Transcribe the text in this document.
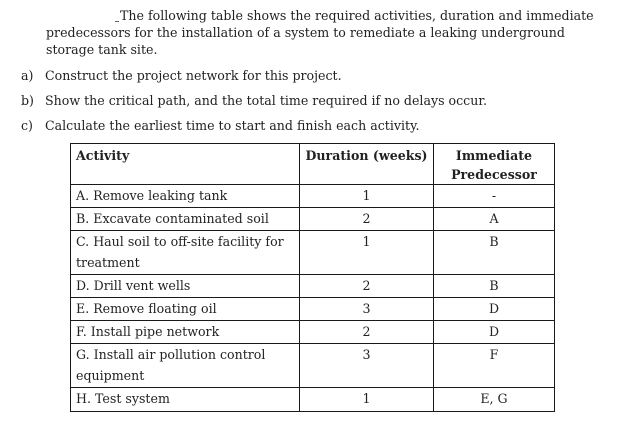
The following table shows the required activities, duration and immediate predecessors for the installation of a system to remediate a leaking underground storage tank site.
a) Construct the project network for this project.
b) Show the critical path, and the total time required if no delays occur.
c) Calculate the earliest time to start and finish each activity.
Activity	Duration (weeks)	Immediate
Predecessor

A. Remove leaking tank	1	-
B. Excavate contaminated soil	2	A

C. Haul soil to off-site facility for
treatment	1	B
D. Drill vent wells	2	B
E. Remove floating oil	3	D
F. Install pipe network	2	D

G. Install air pollution control
equipment	3	F
H. Test system	1	E, G
